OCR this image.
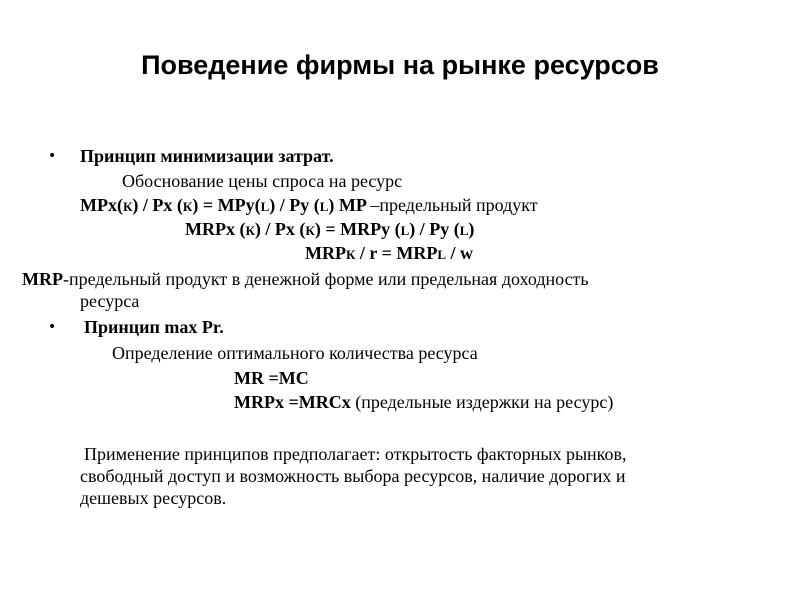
Поведение фирмы на рынке ресурсов
• Принцип минимизации затрат.
Обоснование цены спроса на ресурс
MPx(К) / Px (К) = MPy(L) / Py (L) MP –предельный продукт
MRPx (К) / Px (К) = MRPy (L) / Py (L)
MRPК / r = MRPL / w
MRP-предельный продукт в денежной форме или предельная доходность
ресурса
• Принцип max Pr.
Определение оптимального количества ресурса
MR =MC
MRPx =MRCx (предельные издержки на ресурс)
Применение принципов предполагает: открытость факторных рынков,
свободный доступ и возможность выбора ресурсов, наличие дорогих и
дешевых ресурсов.
